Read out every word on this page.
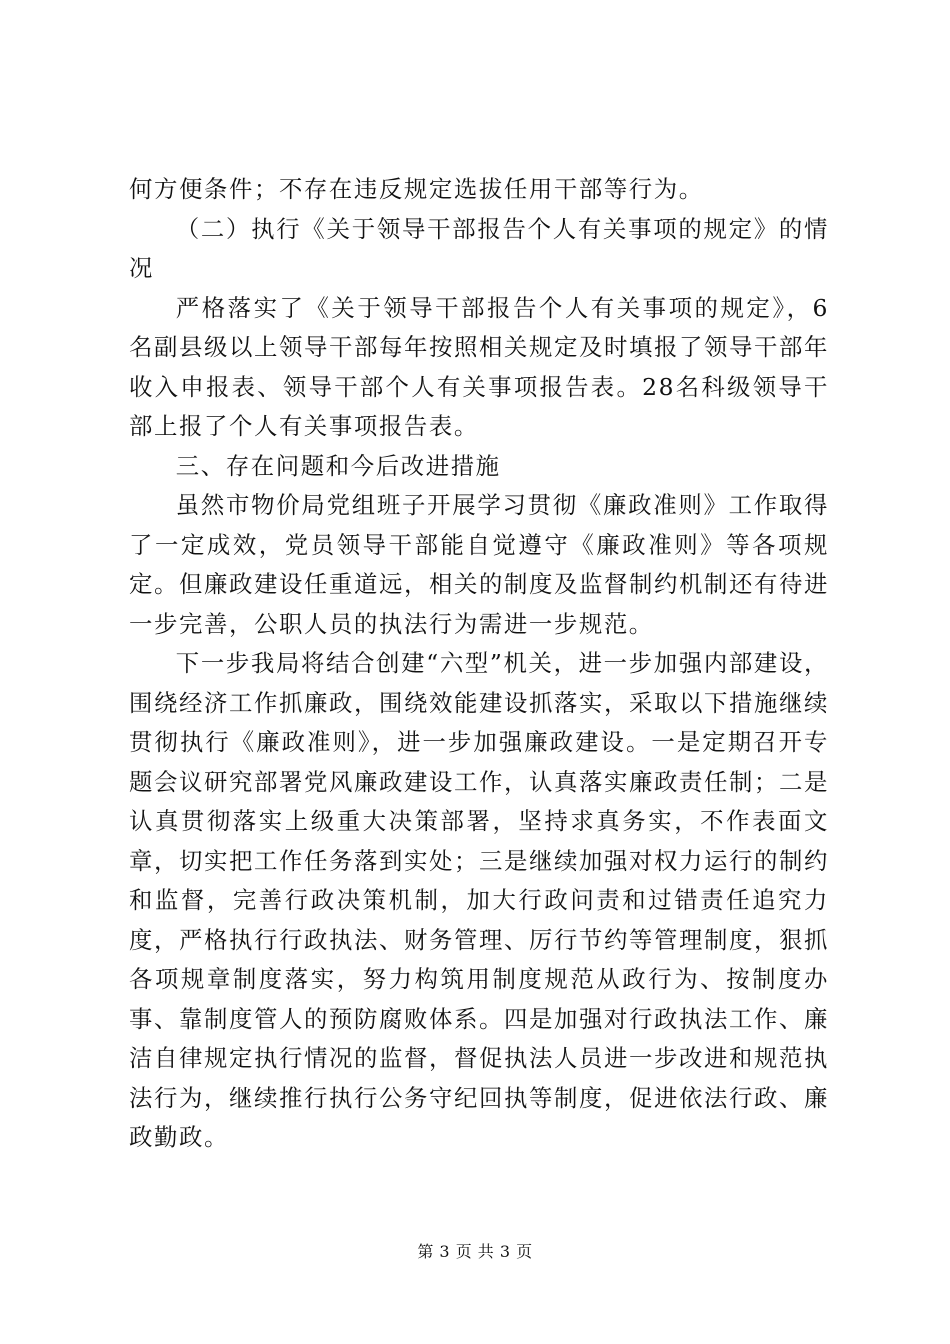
何方便条件；不存在违反规定选拔任用干部等行为。

（二）执行《关于领导干部报告个人有关事项的规定》的情况

严格落实了《关于领导干部报告个人有关事项的规定》，6名副县级以上领导干部每年按照相关规定及时填报了领导干部年收入申报表、领导干部个人有关事项报告表。28名科级领导干部上报了个人有关事项报告表。

三、存在问题和今后改进措施

虽然市物价局党组班子开展学习贯彻《廉政准则》工作取得了一定成效，党员领导干部能自觉遵守《廉政准则》等各项规定。但廉政建设任重道远，相关的制度及监督制约机制还有待进一步完善，公职人员的执法行为需进一步规范。

下一步我局将结合创建“六型”机关，进一步加强内部建设，围绕经济工作抓廉政，围绕效能建设抓落实，采取以下措施继续贯彻执行《廉政准则》，进一步加强廉政建设。一是定期召开专题会议研究部署党风廉政建设工作，认真落实廉政责任制；二是认真贯彻落实上级重大决策部署，坚持求真务实，不作表面文章，切实把工作任务落到实处；三是继续加强对权力运行的制约和监督，完善行政决策机制，加大行政问责和过错责任追究力度，严格执行行政执法、财务管理、厉行节约等管理制度，狠抓各项规章制度落实，努力构筑用制度规范从政行为、按制度办事、靠制度管人的预防腐败体系。四是加强对行政执法工作、廉洁自律规定执行情况的监督，督促执法人员进一步改进和规范执法行为，继续推行执行公务守纪回执等制度，促进依法行政、廉政勤政。

第 3 页 共 3 页
